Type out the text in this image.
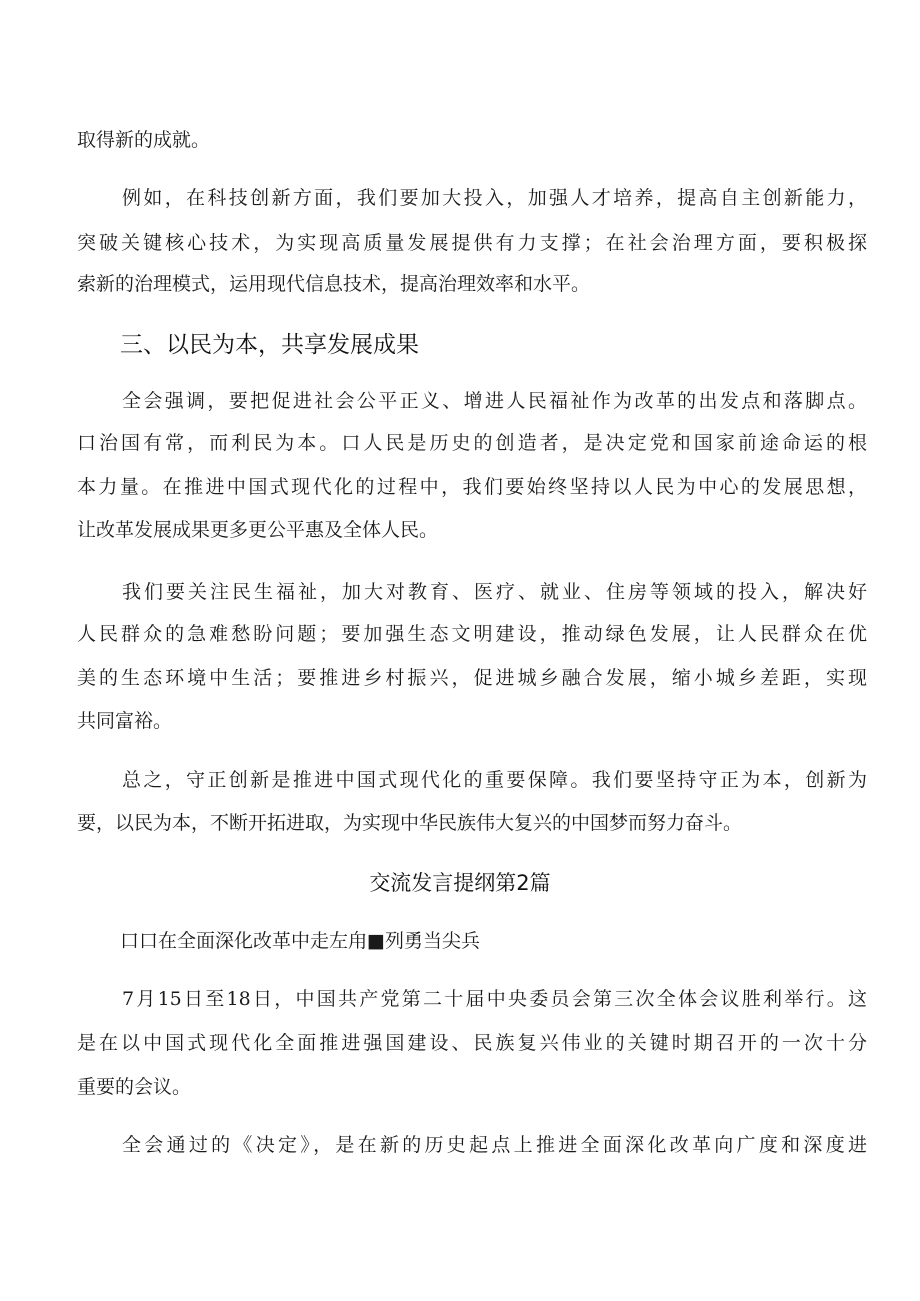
取得新的成就。
例如，在科技创新方面，我们要加大投入，加强人才培养，提高自主创新能力，
突破关键核心技术，为实现高质量发展提供有力支撑；在社会治理方面，要积极探
索新的治理模式，运用现代信息技术，提高治理效率和水平。
三、以民为本，共享发展成果
全会强调，要把促进社会公平正义、增进人民福祉作为改革的出发点和落脚点。
口治国有常，而利民为本。口人民是历史的创造者，是决定党和国家前途命运的根
本力量。在推进中国式现代化的过程中，我们要始终坚持以人民为中心的发展思想，
让改革发展成果更多更公平惠及全体人民。
我们要关注民生福祉，加大对教育、医疗、就业、住房等领域的投入，解决好
人民群众的急难愁盼问题；要加强生态文明建设，推动绿色发展，让人民群众在优
美的生态环境中生活；要推进乡村振兴，促进城乡融合发展，缩小城乡差距，实现
共同富裕。
总之，守正创新是推进中国式现代化的重要保障。我们要坚持守正为本，创新为
要，以民为本，不断开拓进取，为实现中华民族伟大复兴的中国梦而努力奋斗。
交流发言提纲第2篇
口口在全面深化改革中走左甪■列勇当尖兵
7月15日至18日，中国共产党第二十届中央委员会第三次全体会议胜利举行。这
是在以中国式现代化全面推进强国建设、民族复兴伟业的关键时期召开的一次十分
重要的会议。
全会通过的《决定》，是在新的历史起点上推进全面深化改革向广度和深度进
